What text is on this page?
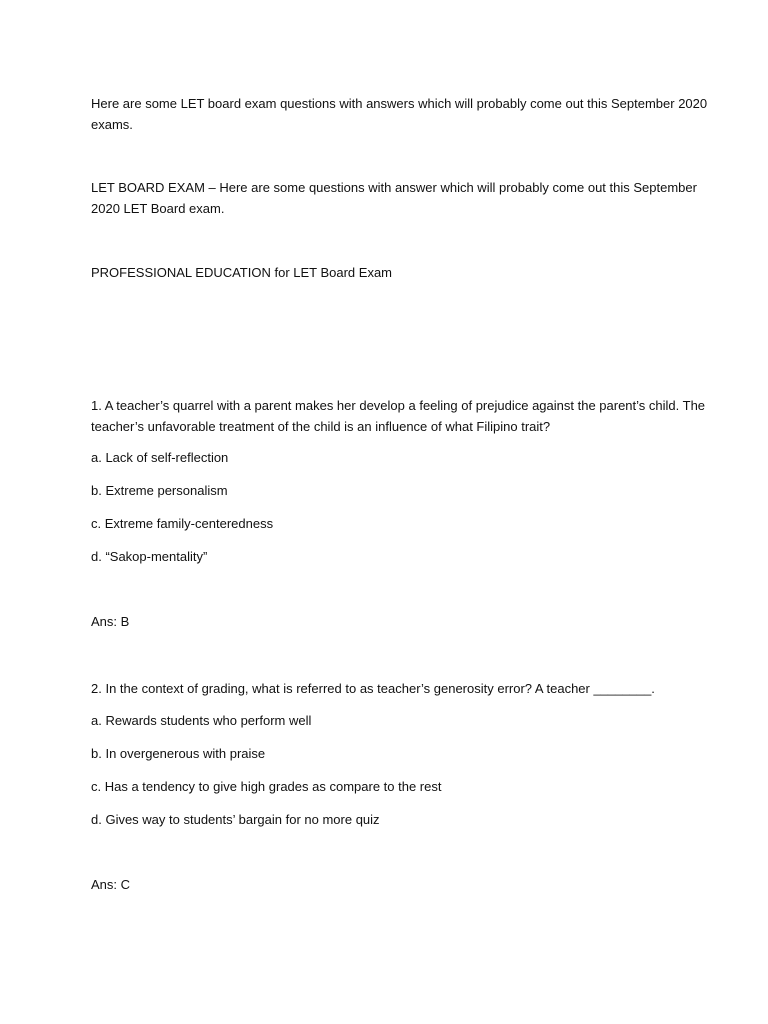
Here are some LET board exam questions with answers which will probably come out this September 2020 exams.
LET BOARD EXAM – Here are some questions with answer which will probably come out this September 2020 LET Board exam.
PROFESSIONAL EDUCATION for LET Board Exam
1. A teacher’s quarrel with a parent makes her develop a feeling of prejudice against the parent’s child. The teacher’s unfavorable treatment of the child is an influence of what Filipino trait?
a. Lack of self-reflection
b. Extreme personalism
c. Extreme family-centeredness
d. “Sakop-mentality”
Ans: B
2. In the context of grading, what is referred to as teacher’s generosity error? A teacher ________.
a. Rewards students who perform well
b. In overgenerous with praise
c. Has a tendency to give high grades as compare to the rest
d. Gives way to students’ bargain for no more quiz
Ans: C
